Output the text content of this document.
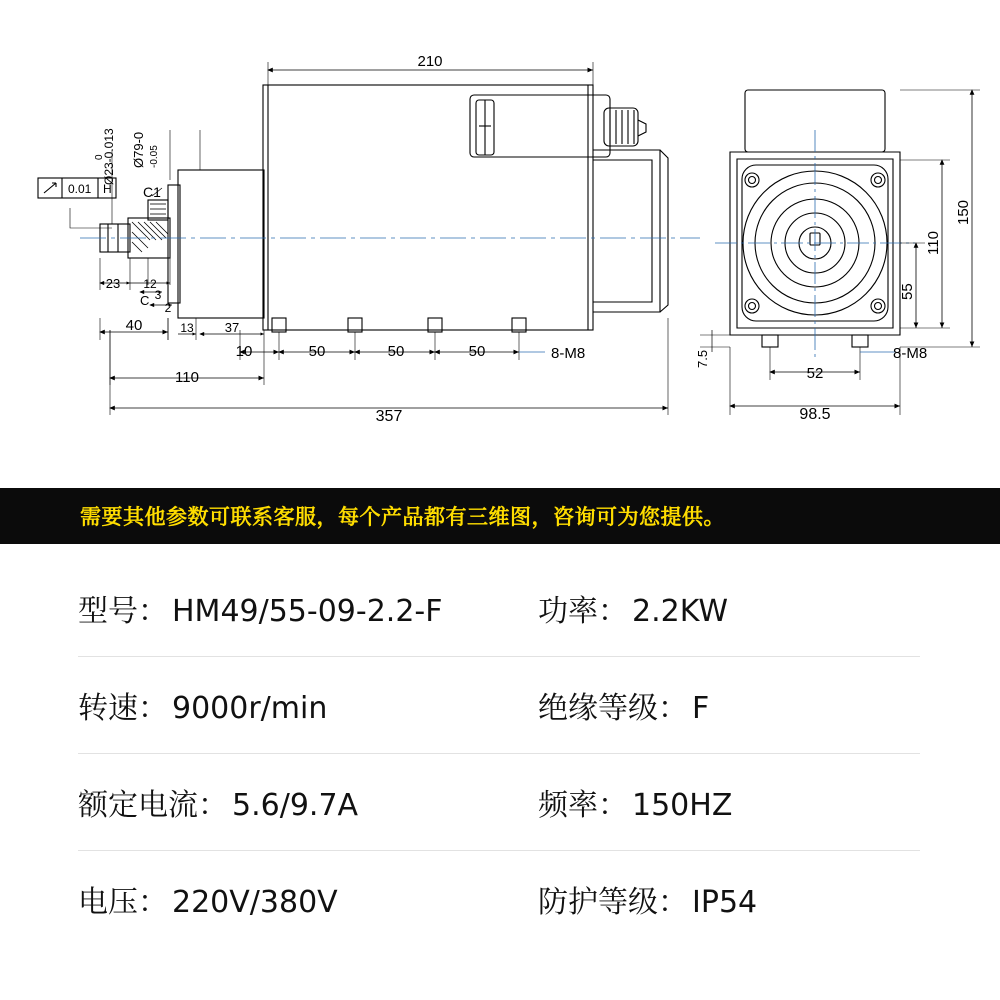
210
357
110
40
10	50	50	50	8-M8
23 12
3
2
13 37
Ø79-0 -0.05
Ø23-0.013
0
0.01 H C1
C
150
110
55
98.5
52
7.5	8-M8
需要其他参数可联系客服，每个产品都有三维图，咨询可为您提供。
型号： HM49/55-09-2.2-F	功率： 2.2KW
转速： 9000r/min	绝缘等级： F
额定电流： 5.6/9.7A	频率： 150HZ
电压： 220V/380V	防护等级： IP54
